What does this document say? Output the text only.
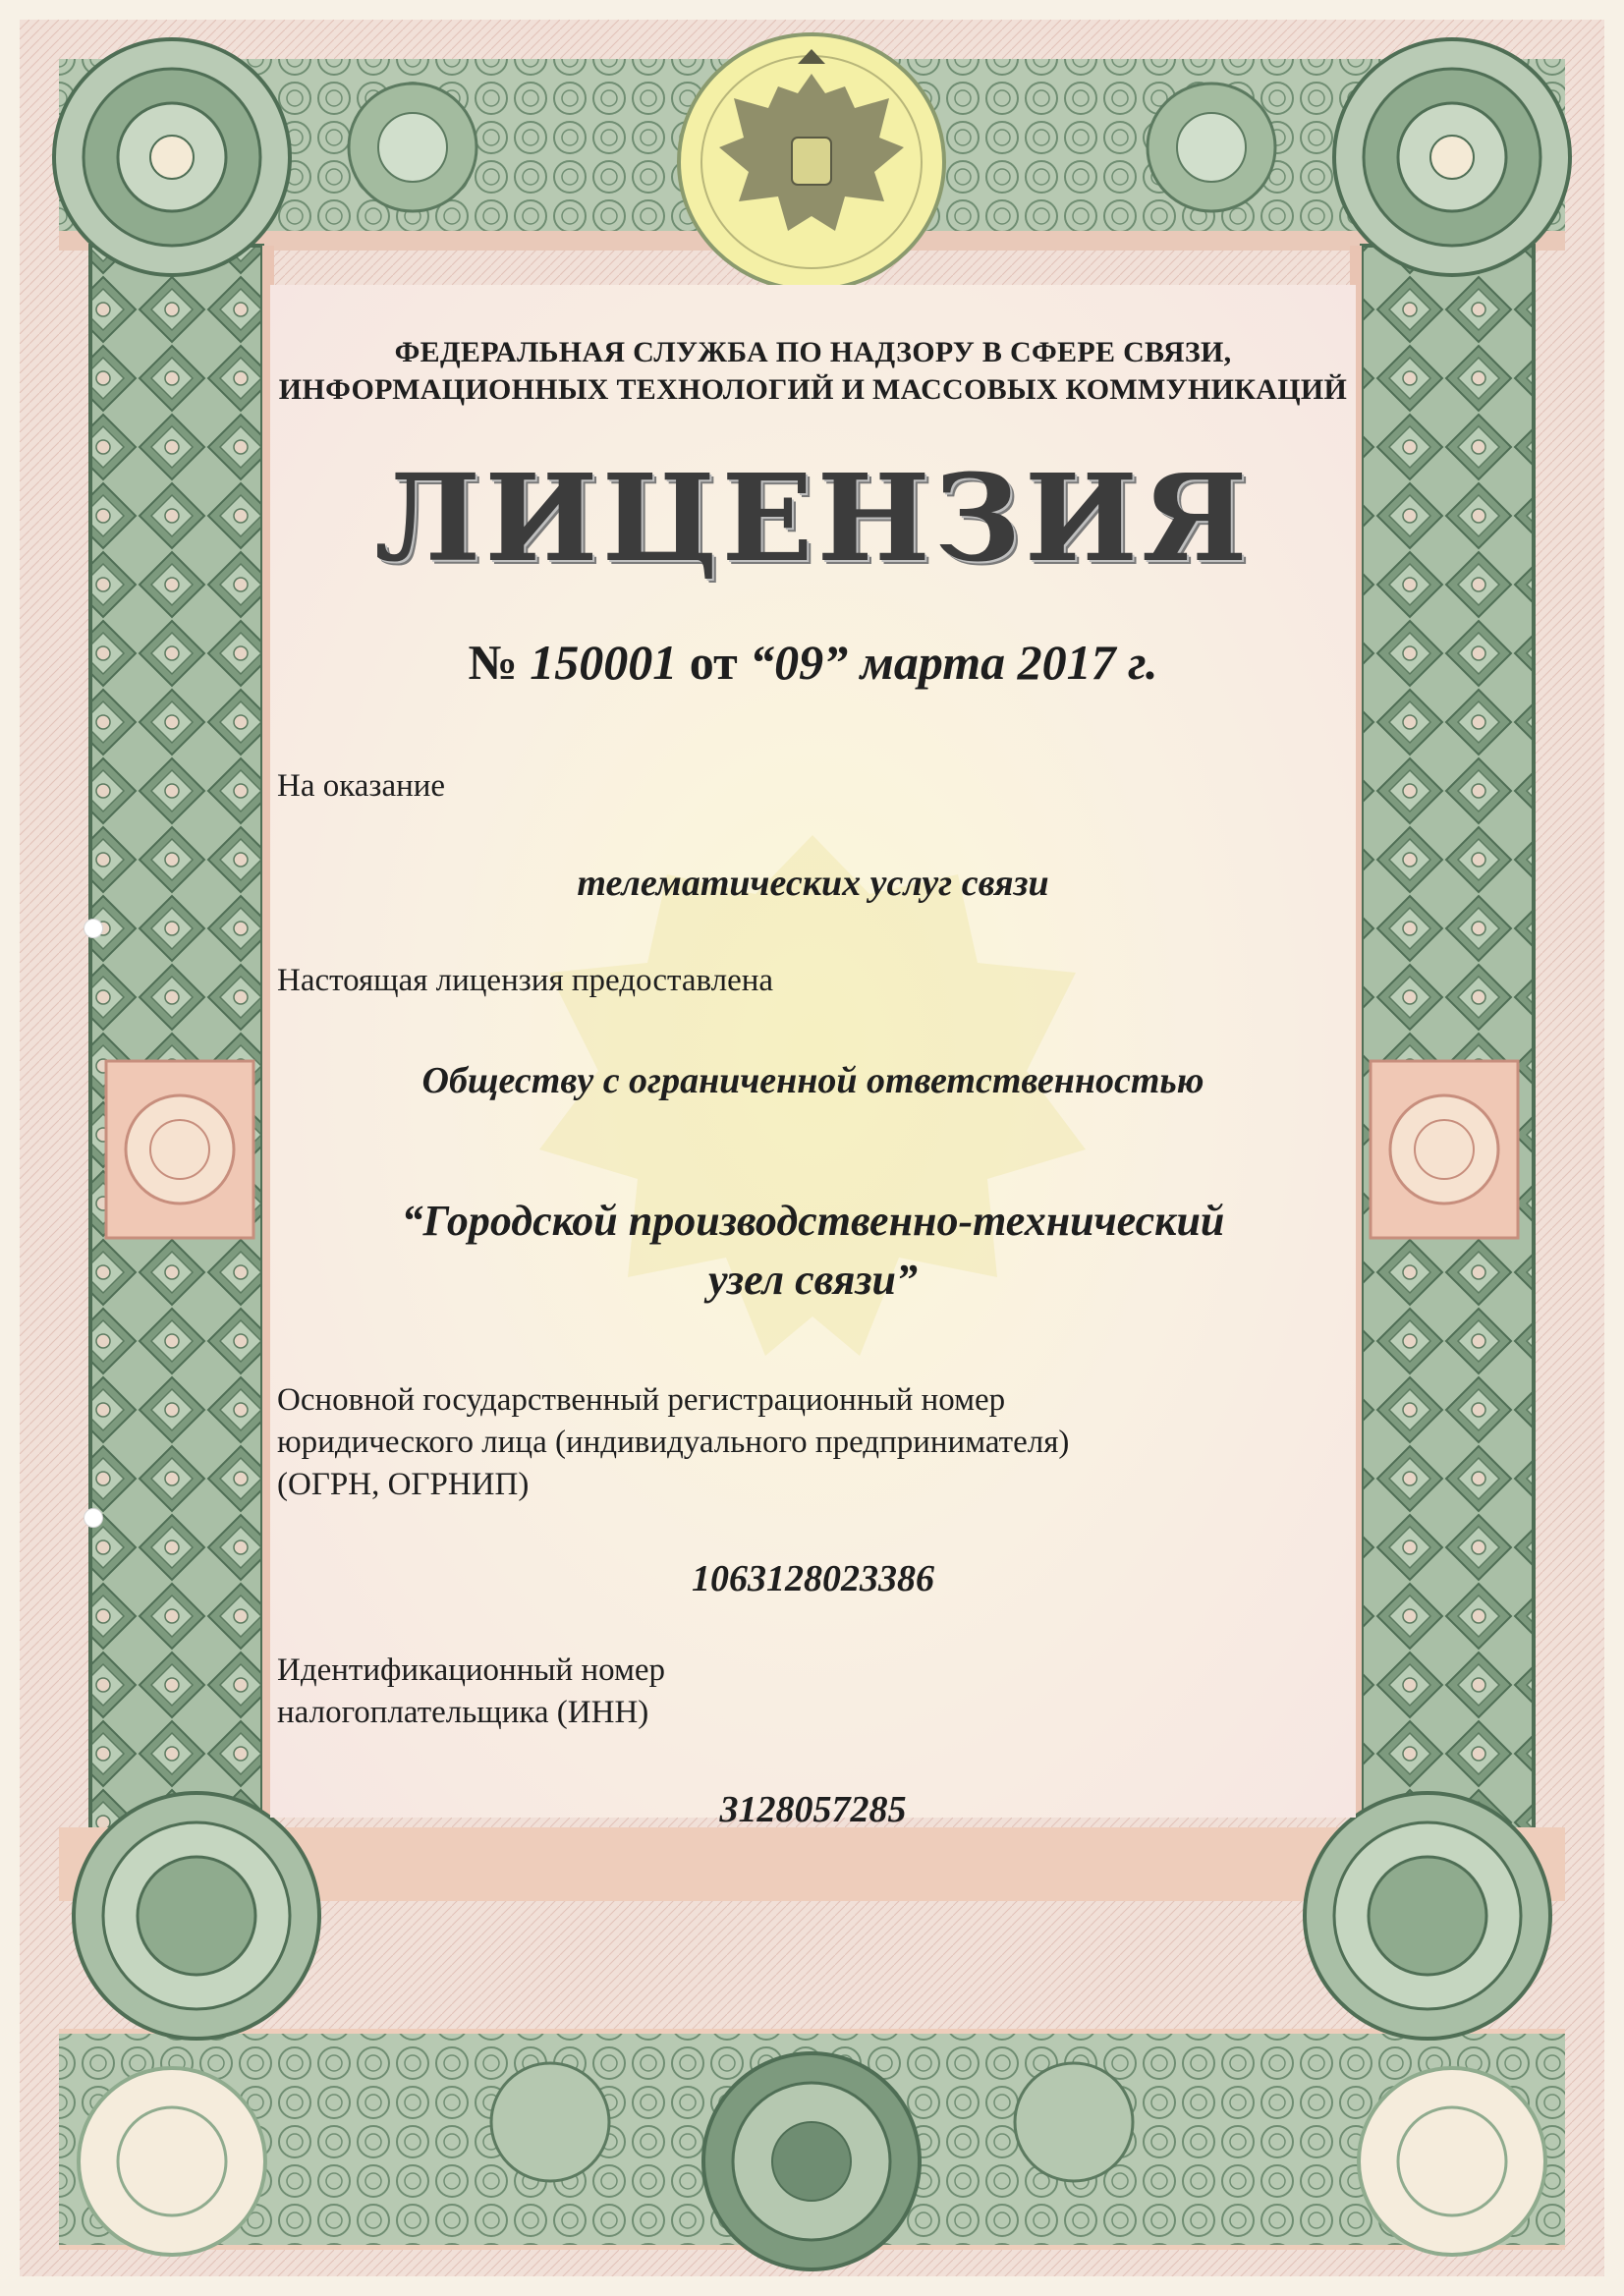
ФЕДЕРАЛЬНАЯ СЛУЖБА ПО НАДЗОРУ В СФЕРЕ СВЯЗИ,
ИНФОРМАЦИОННЫХ ТЕХНОЛОГИЙ И МАССОВЫХ КОММУНИКАЦИЙ
ЛИЦЕНЗИЯ
№ 150001 от “09” марта 2017 г.
На оказание
телематических услуг связи
Настоящая лицензия предоставлена
Обществу с ограниченной ответственностью
“Городской производственно-технический
узел связи”
Основной государственный регистрационный номер
юридического лица (индивидуального предпринимателя)
(ОГРН, ОГРНИП)
1063128023386
Идентификационный номер
налогоплательщика (ИНН)
3128057285
